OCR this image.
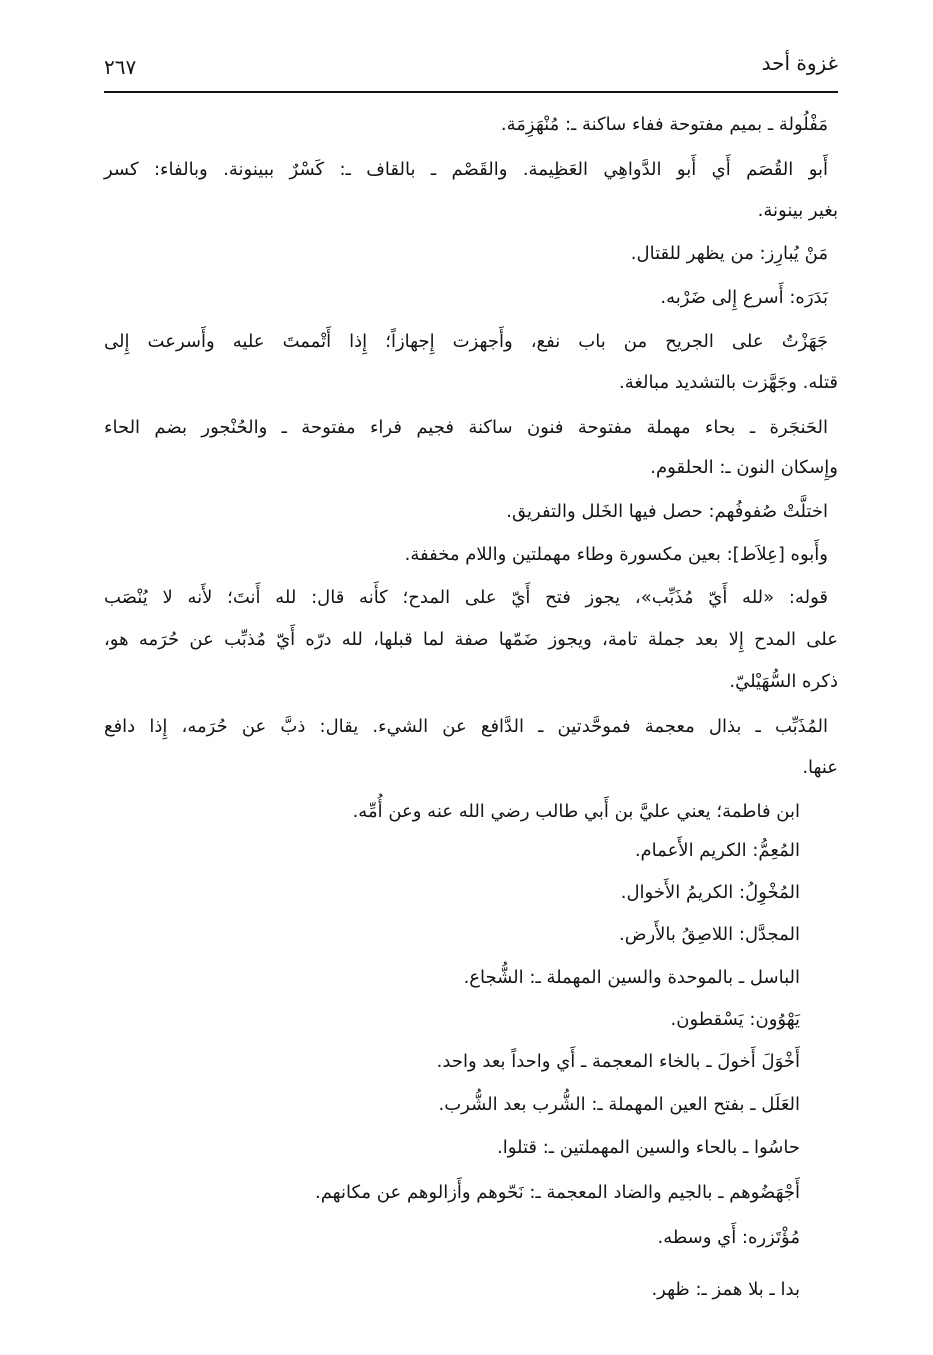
غزوة أحد
٢٦٧
مَفْلُولة ـ بميم مفتوحة ففاء ساكنة ـ: مُنْهَزِمَة.
أَبو القُصَم أَي أَبو الدَّواهِي العَظِيمة. والقَصْم ـ بالقاف ـ: كَسْرٌ ببينونة. وبالفاء: كسر
بغير بينونة.
مَنْ يُبارِز: من يظهر للقتال.
بَدَرَه: أَسرع إِلى ضَرْبه.
جَهَزْتُ على الجريح من باب نفع، وأَجهزت إِجهازاً؛ إِذا أَتْممتَ عليه وأَسرعت إِلى
قتله. وجَهَّزت بالتشديد مبالغة.
الحَنجَرة ـ بحاء مهملة مفتوحة فنون ساكنة فجيم فراء مفتوحة ـ والحُنْجور بضم الحاء
وإِسكان النون ـ: الحلقوم.
اختلَّتْ صُفوفُهم: حصل فيها الخَلل والتفريق.
وأَبوه [عِلاَط]: بعين مكسورة وطاء مهملتين واللام مخففة.
قوله: «لله أَيّ مُذَبِّب»، يجوز فتح أَيّ على المدح؛ كأَنه قال: لله أَنتَ؛ لأَنه لا يُنْصَب
على المدح إِلا بعد جملة تامة، ويجوز ضَمّها صفة لما قبلها، لله درّه أَيّ مُذبِّب عن حُرَمه هو،
ذكره السُّهَيْليّ.
المُذَبِّب ـ بذال معجمة فموحَّدتين ـ الدَّافع عن الشيء. يقال: ذبَّ عن حُرَمه، إِذا دافع
عنها.
ابن فاطمة؛ يعني عليَّ بن أَبي طالب رضي الله عنه وعن أُمِّه.
المُعِمُّ: الكريم الأَعمام.
المُخْوِلُ: الكريمُ الأَخوال.
المجدَّل: اللاصِقُ بالأَرض.
الباسل ـ بالموحدة والسين المهملة ـ: الشُّجاع.
يَهْوُون: يَسْقطون.
أَخْوَلَ أَخولَ ـ بالخاء المعجمة ـ أَي واحداً بعد واحد.
العَلَل ـ بفتح العين المهملة ـ: الشُّرب بعد الشُّرب.
حاسُوا ـ بالحاء والسين المهملتين ـ: قتلوا.
أَجْهَضُوهم ـ بالجيم والضاد المعجمة ـ: نَحّوهم وأَزالوهم عن مكانهم.
مُؤْتَزره: أَي وسطه.
بدا ـ بلا همز ـ: ظهر.
